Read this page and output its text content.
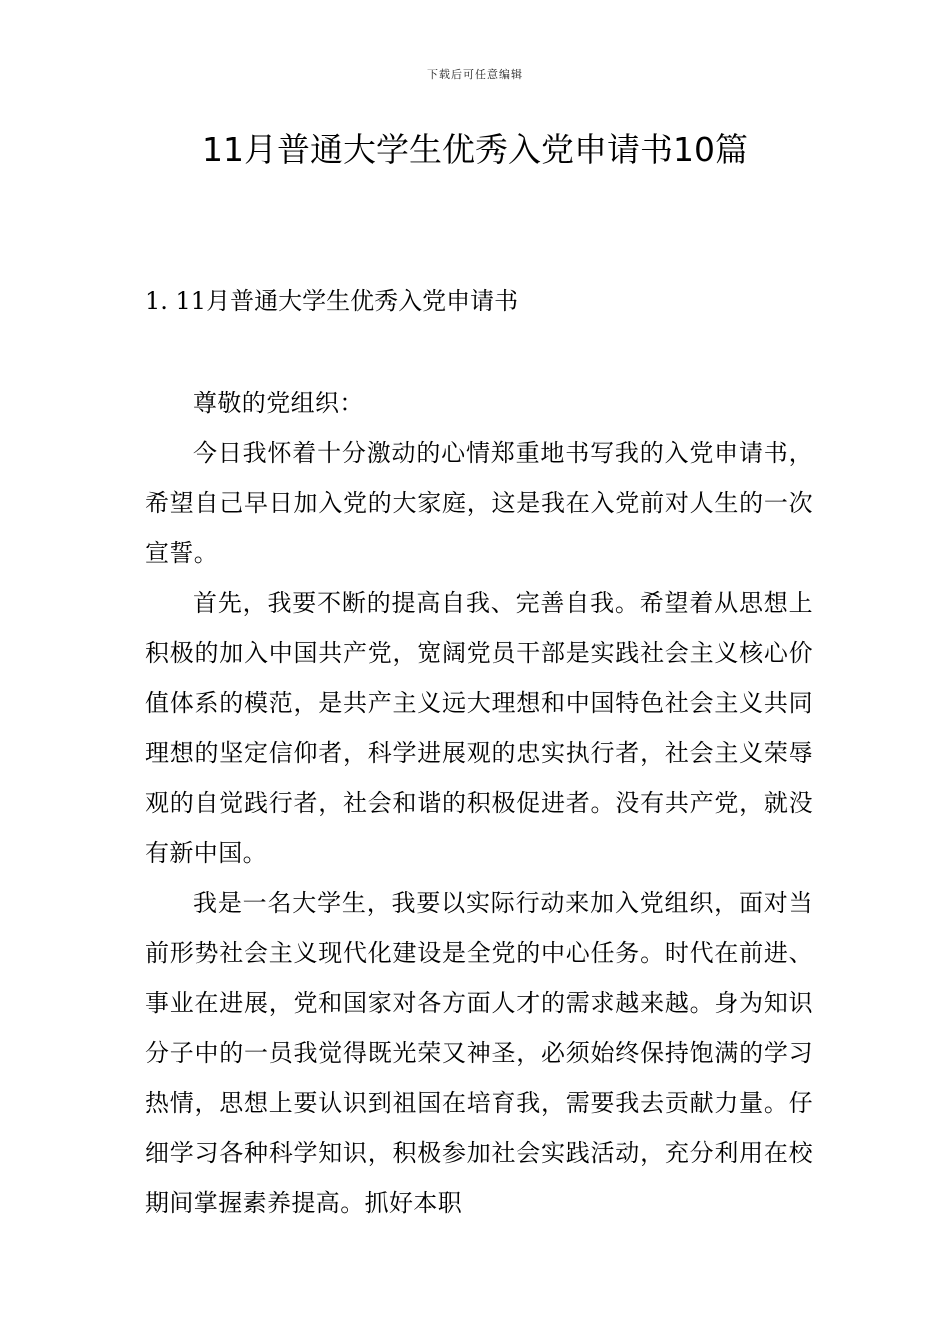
下载后可任意编辑
11月普通大学生优秀入党申请书10篇
1. 11月普通大学生优秀入党申请书

尊敬的党组织：

今日我怀着十分激动的心情郑重地书写我的入党申请书，希望自己早日加入党的大家庭，这是我在入党前对人生的一次宣誓。

首先，我要不断的提高自我、完善自我。希望着从思想上积极的加入中国共产党，宽阔党员干部是实践社会主义核心价值体系的模范，是共产主义远大理想和中国特色社会主义共同理想的坚定信仰者，科学进展观的忠实执行者，社会主义荣辱观的自觉践行者，社会和谐的积极促进者。没有共产党，就没有新中国。

我是一名大学生，我要以实际行动来加入党组织，面对当前形势社会主义现代化建设是全党的中心任务。时代在前进、事业在进展，党和国家对各方面人才的需求越来越。身为知识分子中的一员我觉得既光荣又神圣，必须始终保持饱满的学习热情，思想上要认识到祖国在培育我，需要我去贡献力量。仔细学习各种科学知识，积极参加社会实践活动，充分利用在校期间掌握素养提高。抓好本职
